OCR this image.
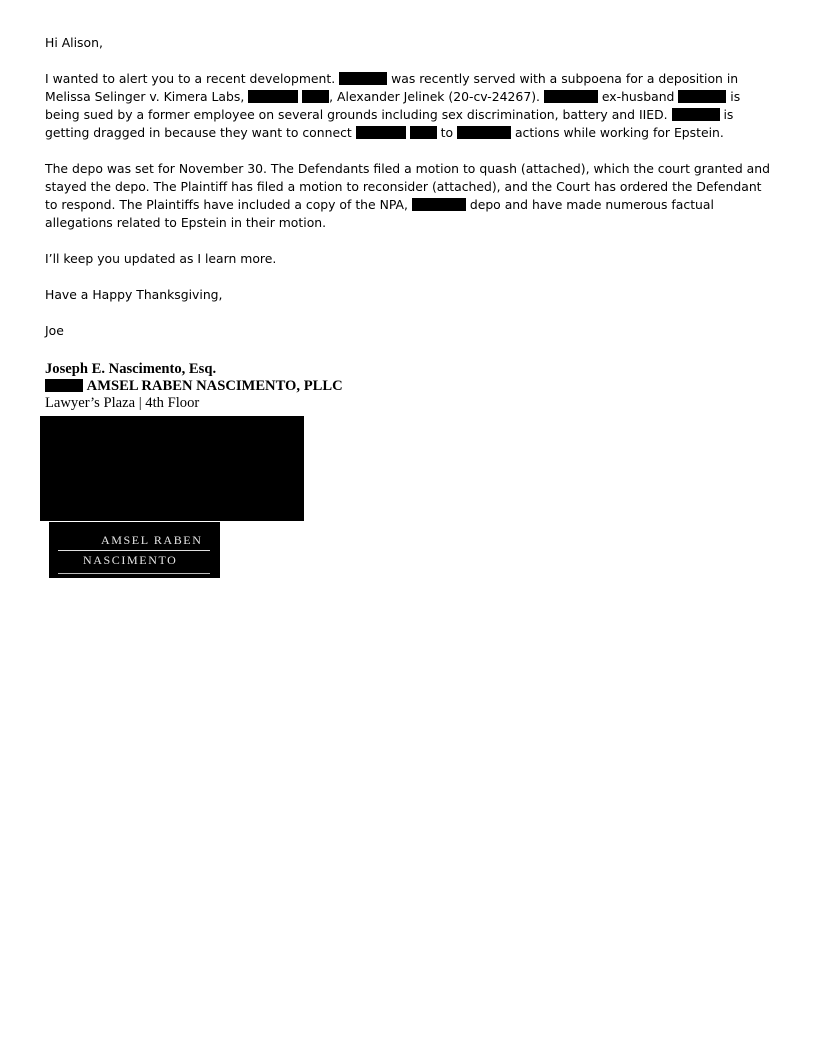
Hi Alison,

I wanted to alert you to a recent development.	was recently served with a subpoena for a deposition in Melissa Selinger v. Kimera Labs,	, Alexander Jelinek (20-cv-24267).	ex-husband	is being sued by a former employee on several grounds including sex discrimination, battery and IIED.	is getting dragged in because they want to connect	to	actions while working for Epstein.

The depo was set for November 30. The Defendants filed a motion to quash (attached), which the court granted and stayed the depo. The Plaintiff has filed a motion to reconsider (attached), and the Court has ordered the Defendant to respond. The Plaintiffs have included a copy of the NPA,	depo and have made numerous factual allegations related to Epstein in their motion.

I’ll keep you updated as I learn more.

Have a Happy Thanksgiving,

Joe

Joseph E. Nascimento, Esq.
AMSEL RABEN NASCIMENTO, PLLC
Lawyer’s Plaza | 4th Floor
AMSEL RABEN
NASCIMENTO
